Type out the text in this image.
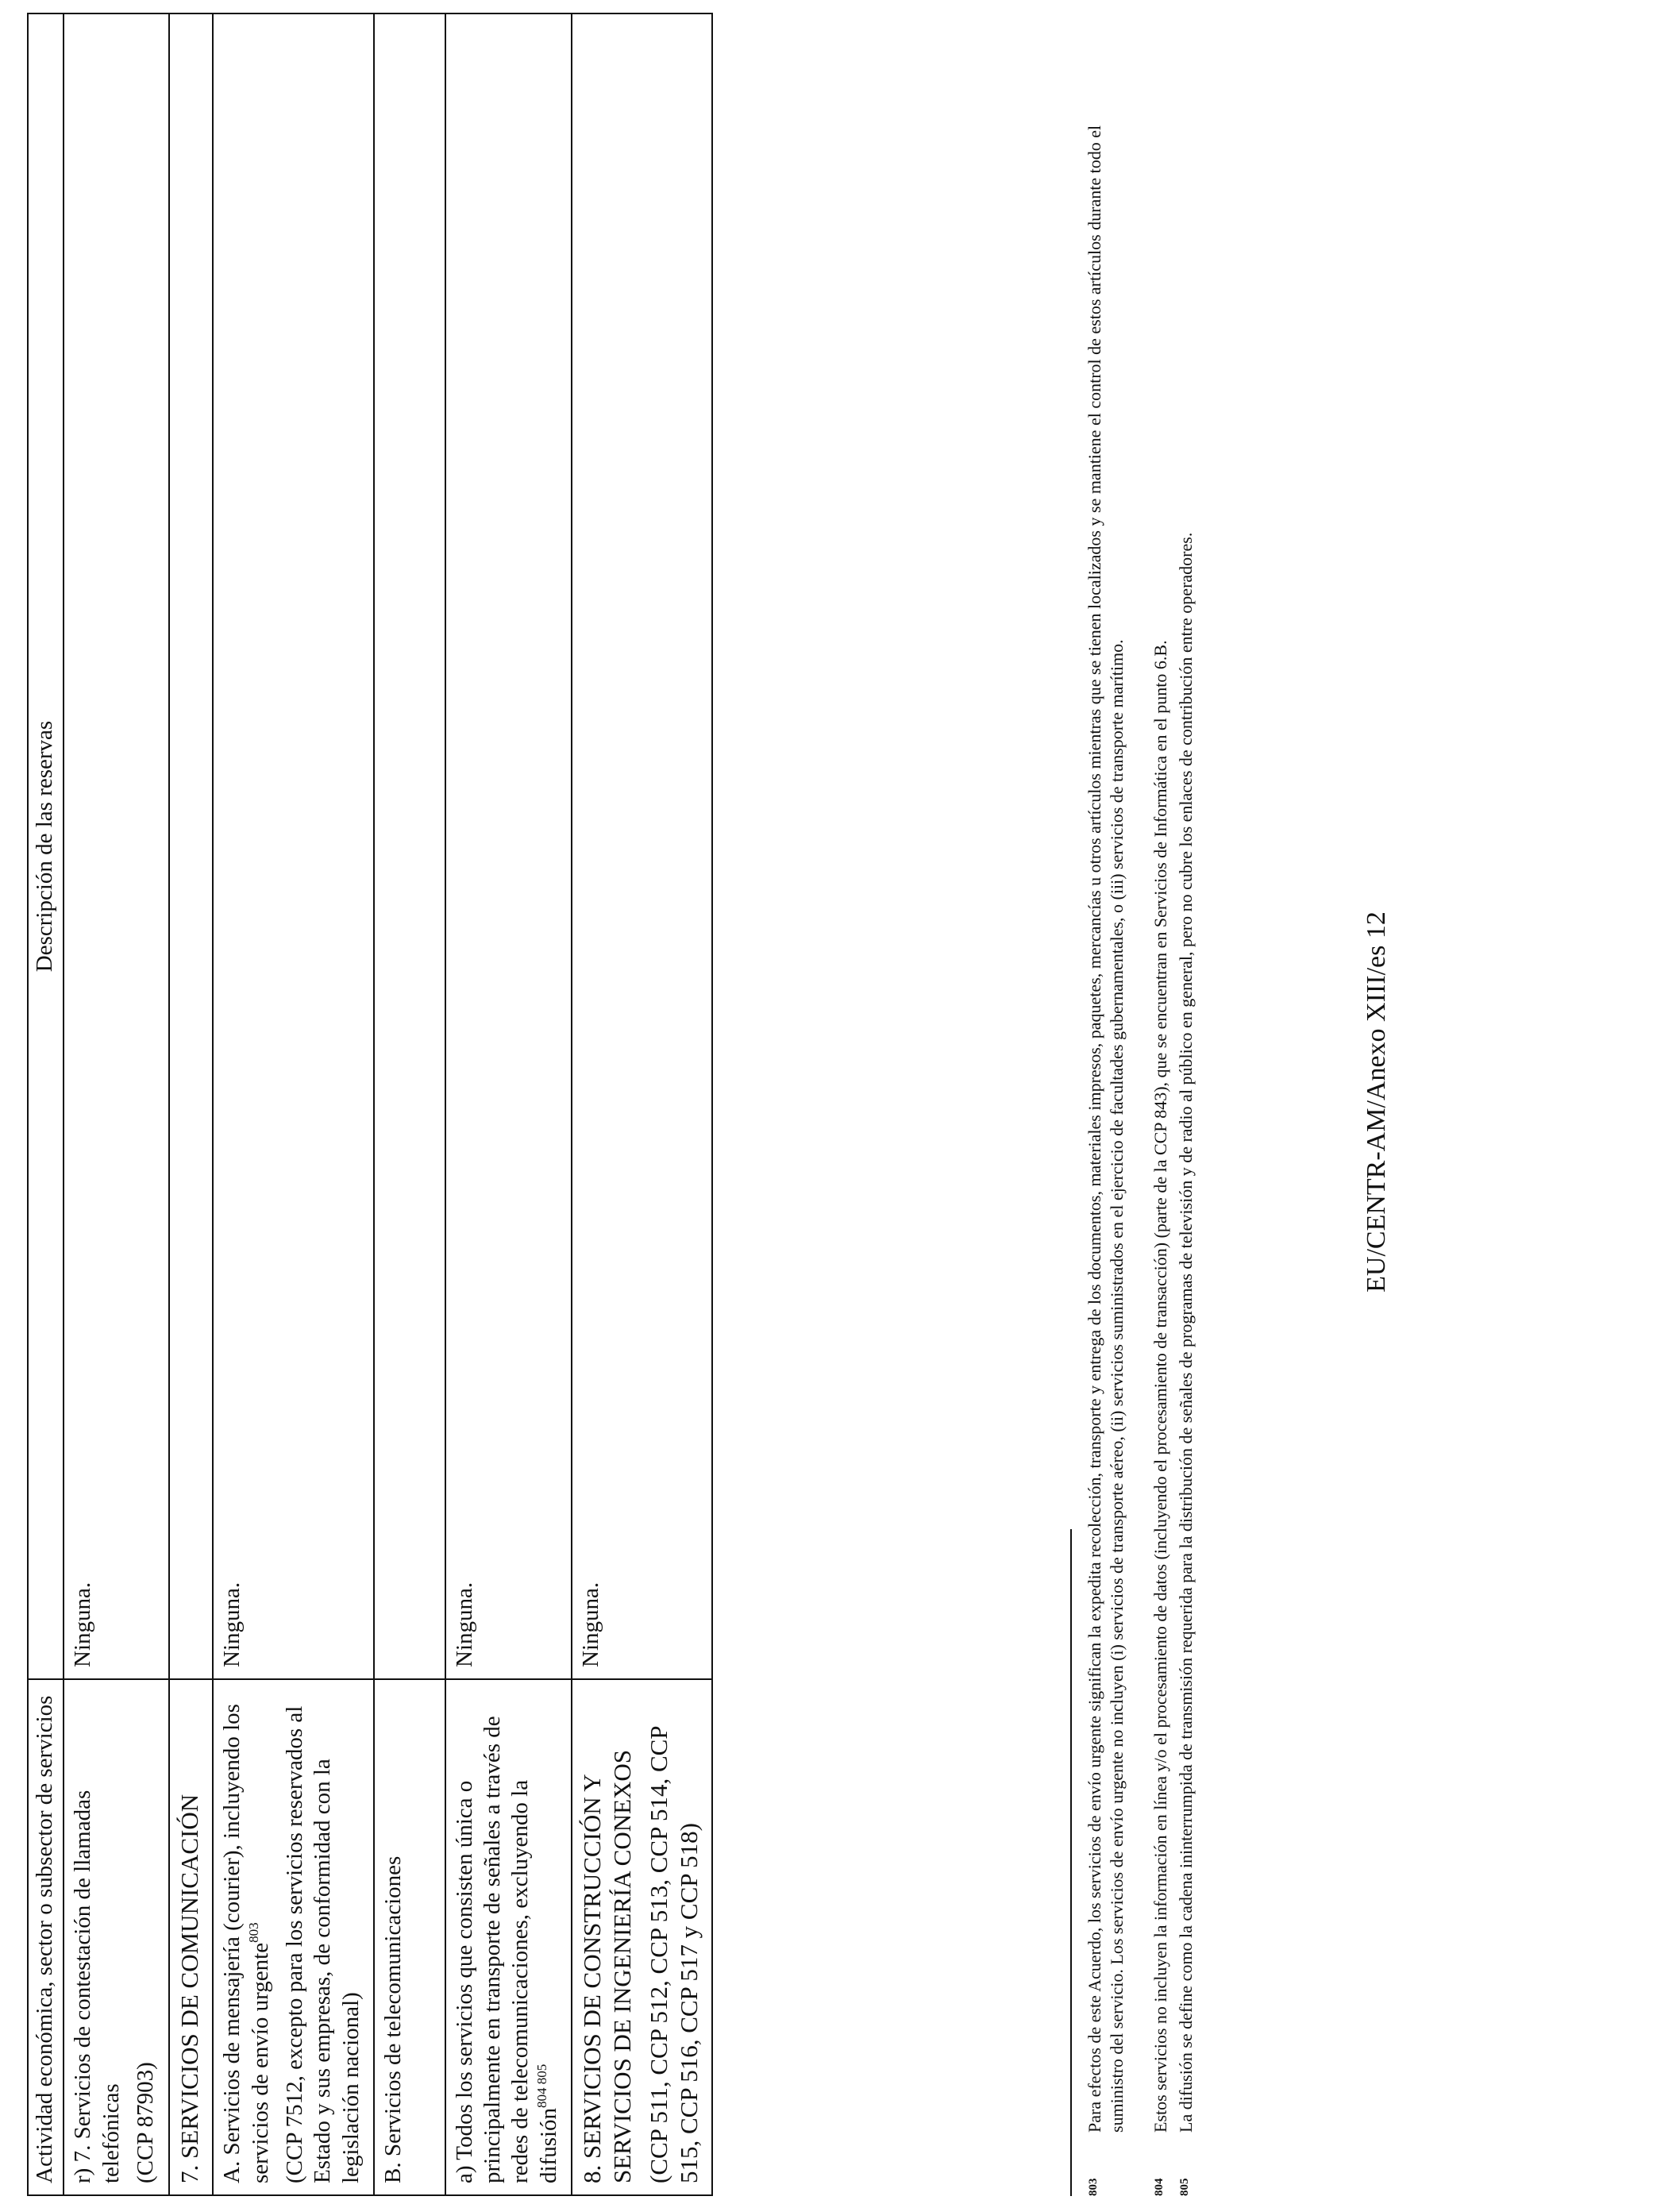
Actividad económica, sector o subsector de servicios	Descripción de las reservas

r) 7. Servicios de contestación de llamadas telefónicas (CCP 87903)	Ninguna.
7. SERVICIOS DE COMUNICACIÓN	

A. Servicios de mensajería (courier), incluyendo los servicios de envío urgente$^{803}$ (CCP 7512, excepto para los servicios reservados al Estado y sus empresas, de conformidad con la legislación nacional)	Ninguna.
B. Servicios de telecomunicaciones	

a) Todos los servicios que consisten única o principalmente en transporte de señales a través de redes de telecomunicaciones, excluyendo la difusión$^{804 805}$	Ninguna.

8. SERVICIOS DE CONSTRUCCIÓN Y SERVICIOS DE INGENIERÍA CONEXOS (CCP 511, CCP 512, CCP 513, CCP 514, CCP 515, CCP 516, CCP 517 y CCP 518)	Ninguna.
803
Para efectos de este Acuerdo, los servicios de envío urgente significan la expedita recolección, transporte y entrega de los documentos, materiales impresos, paquetes, mercancías u otros artículos mientras que se tienen localizados y se mantiene el control de estos artículos durante todo el suministro del servicio. Los servicios de envío urgente no incluyen (i) servicios de transporte aéreo, (ii) servicios suministrados en el ejercicio de facultades gubernamentales, o (iii) servicios de transporte marítimo.
804
Estos servicios no incluyen la información en línea y/o el procesamiento de datos (incluyendo el procesamiento de transacción) (parte de la CCP 843), que se encuentran en Servicios de Informática en el punto 6.B.
805
La difusión se define como la cadena ininterrumpida de transmisión requerida para la distribución de señales de programas de televisión y de radio al público en general, pero no cubre los enlaces de contribución entre operadores.	EU/CENTR-AM/Anexo XIII/es 12
